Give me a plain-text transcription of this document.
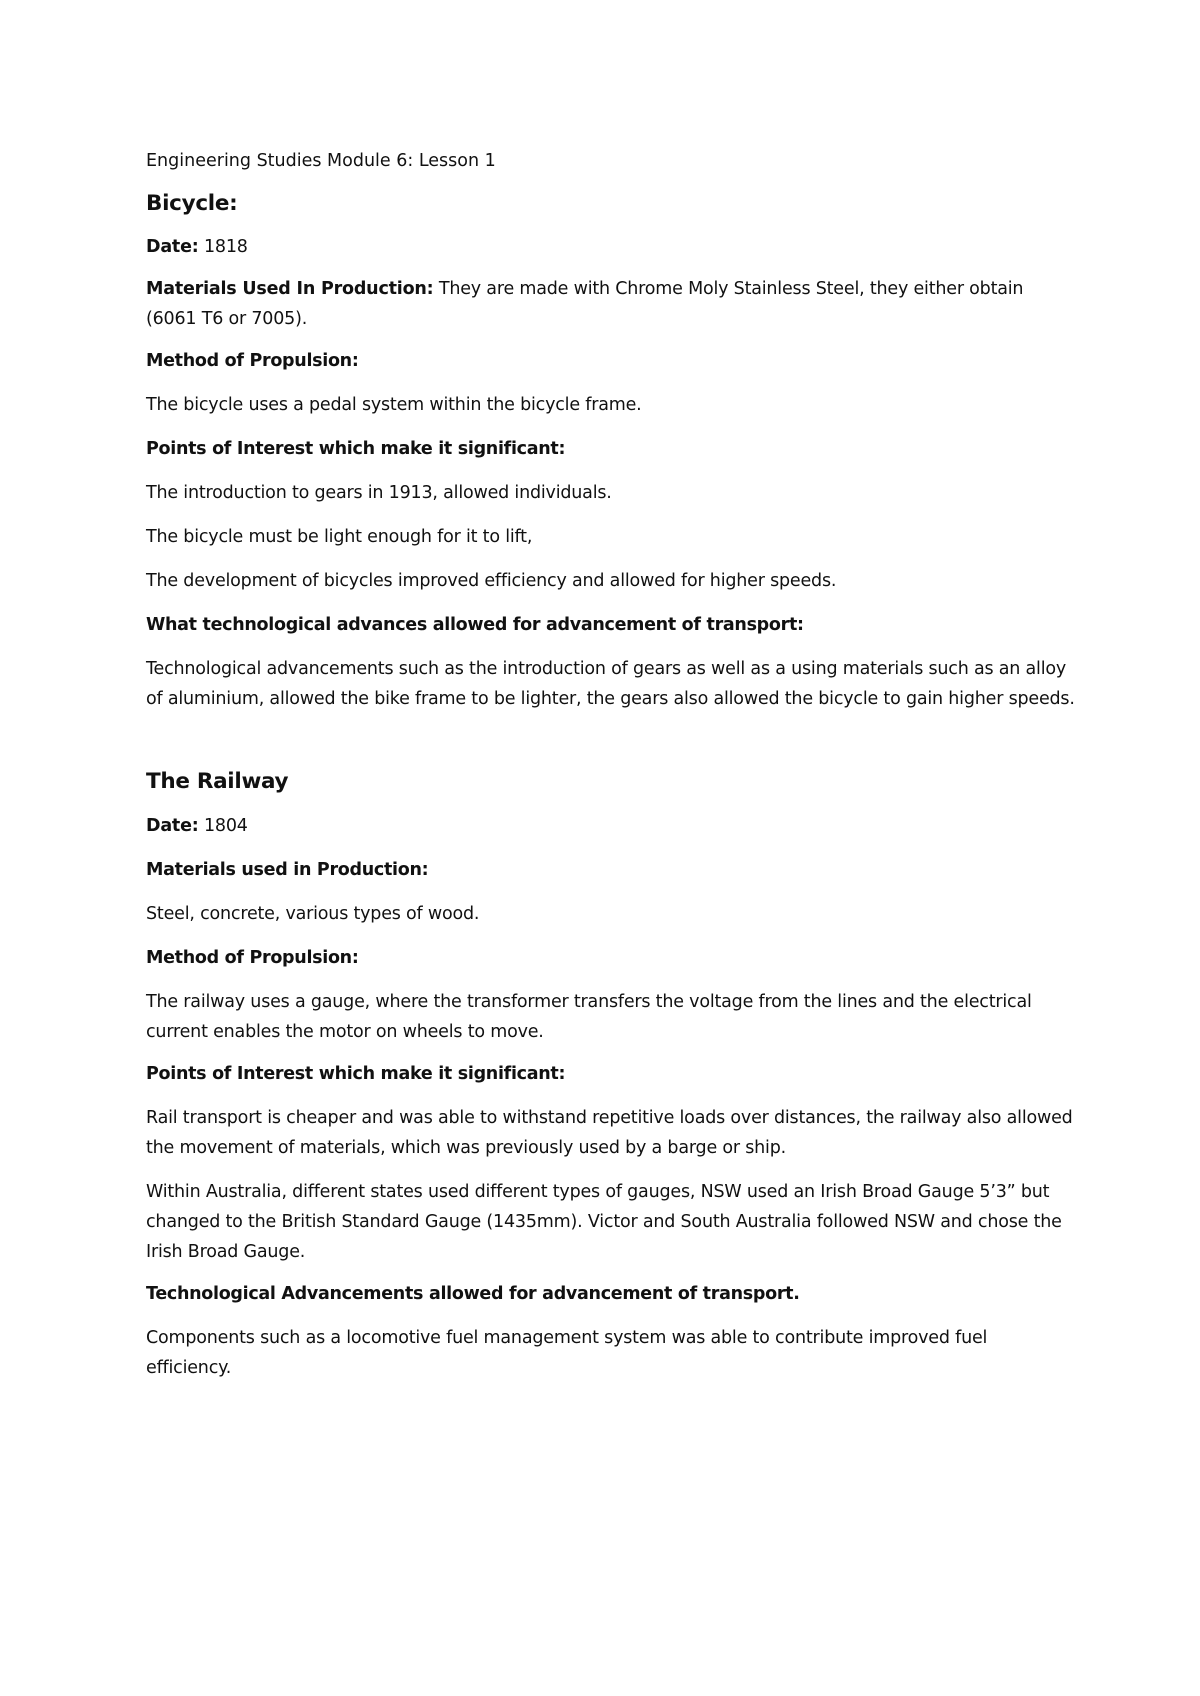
Engineering Studies Module 6: Lesson 1

Bicycle:

Date: 1818

Materials Used In Production: They are made with Chrome Moly Stainless Steel, they either obtain (6061 T6 or 7005).

Method of Propulsion:

The bicycle uses a pedal system within the bicycle frame.

Points of Interest which make it significant:

The introduction to gears in 1913, allowed individuals.

The bicycle must be light enough for it to lift,

The development of bicycles improved efficiency and allowed for higher speeds.

What technological advances allowed for advancement of transport:

Technological advancements such as the introduction of gears as well as a using materials such as an alloy of aluminium, allowed the bike frame to be lighter, the gears also allowed the bicycle to gain higher speeds.

The Railway

Date: 1804

Materials used in Production:

Steel, concrete, various types of wood.

Method of Propulsion:

The railway uses a gauge, where the transformer transfers the voltage from the lines and the electrical current enables the motor on wheels to move.

Points of Interest which make it significant:

Rail transport is cheaper and was able to withstand repetitive loads over distances, the railway also allowed the movement of materials, which was previously used by a barge or ship.

Within Australia, different states used different types of gauges, NSW used an Irish Broad Gauge 5’3” but changed to the British Standard Gauge (1435mm). Victor and South Australia followed NSW and chose the Irish Broad Gauge.

Technological Advancements allowed for advancement of transport.

Components such as a locomotive fuel management system was able to contribute improved fuel efficiency.
